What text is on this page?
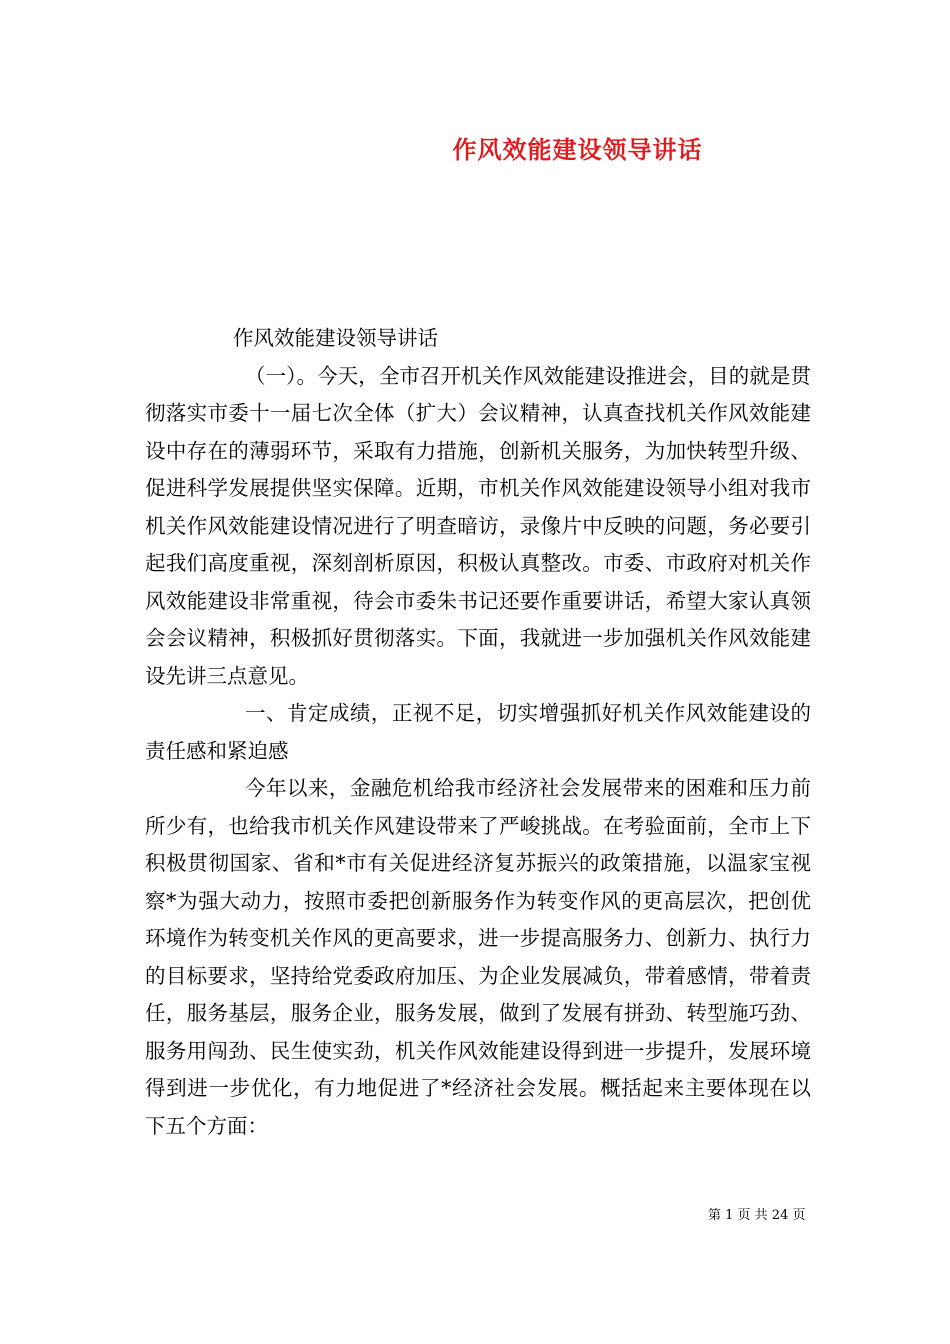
作风效能建设领导讲话

作风效能建设领导讲话

（一）。今天，全市召开机关作风效能建设推进会，目的就是贯彻落实市委十一届七次全体（扩大）会议精神，认真查找机关作风效能建设中存在的薄弱环节，采取有力措施，创新机关服务，为加快转型升级、促进科学发展提供坚实保障。近期，市机关作风效能建设领导小组对我市机关作风效能建设情况进行了明查暗访，录像片中反映的问题，务必要引起我们高度重视，深刻剖析原因，积极认真整改。市委、市政府对机关作风效能建设非常重视，待会市委朱书记还要作重要讲话，希望大家认真领会会议精神，积极抓好贯彻落实。下面，我就进一步加强机关作风效能建设先讲三点意见。

一、肯定成绩，正视不足，切实增强抓好机关作风效能建设的责任感和紧迫感

今年以来，金融危机给我市经济社会发展带来的困难和压力前所少有，也给我市机关作风建设带来了严峻挑战。在考验面前，全市上下积极贯彻国家、省和*市有关促进经济复苏振兴的政策措施，以温家宝视察*为强大动力，按照市委把创新服务作为转变作风的更高层次，把创优环境作为转变机关作风的更高要求，进一步提高服务力、创新力、执行力的目标要求，坚持给党委政府加压、为企业发展减负，带着感情，带着责任，服务基层，服务企业，服务发展，做到了发展有拼劲、转型施巧劲、服务用闯劲、民生使实劲，机关作风效能建设得到进一步提升，发展环境得到进一步优化，有力地促进了*经济社会发展。概括起来主要体现在以下五个方面：

第 1 页 共 24 页
